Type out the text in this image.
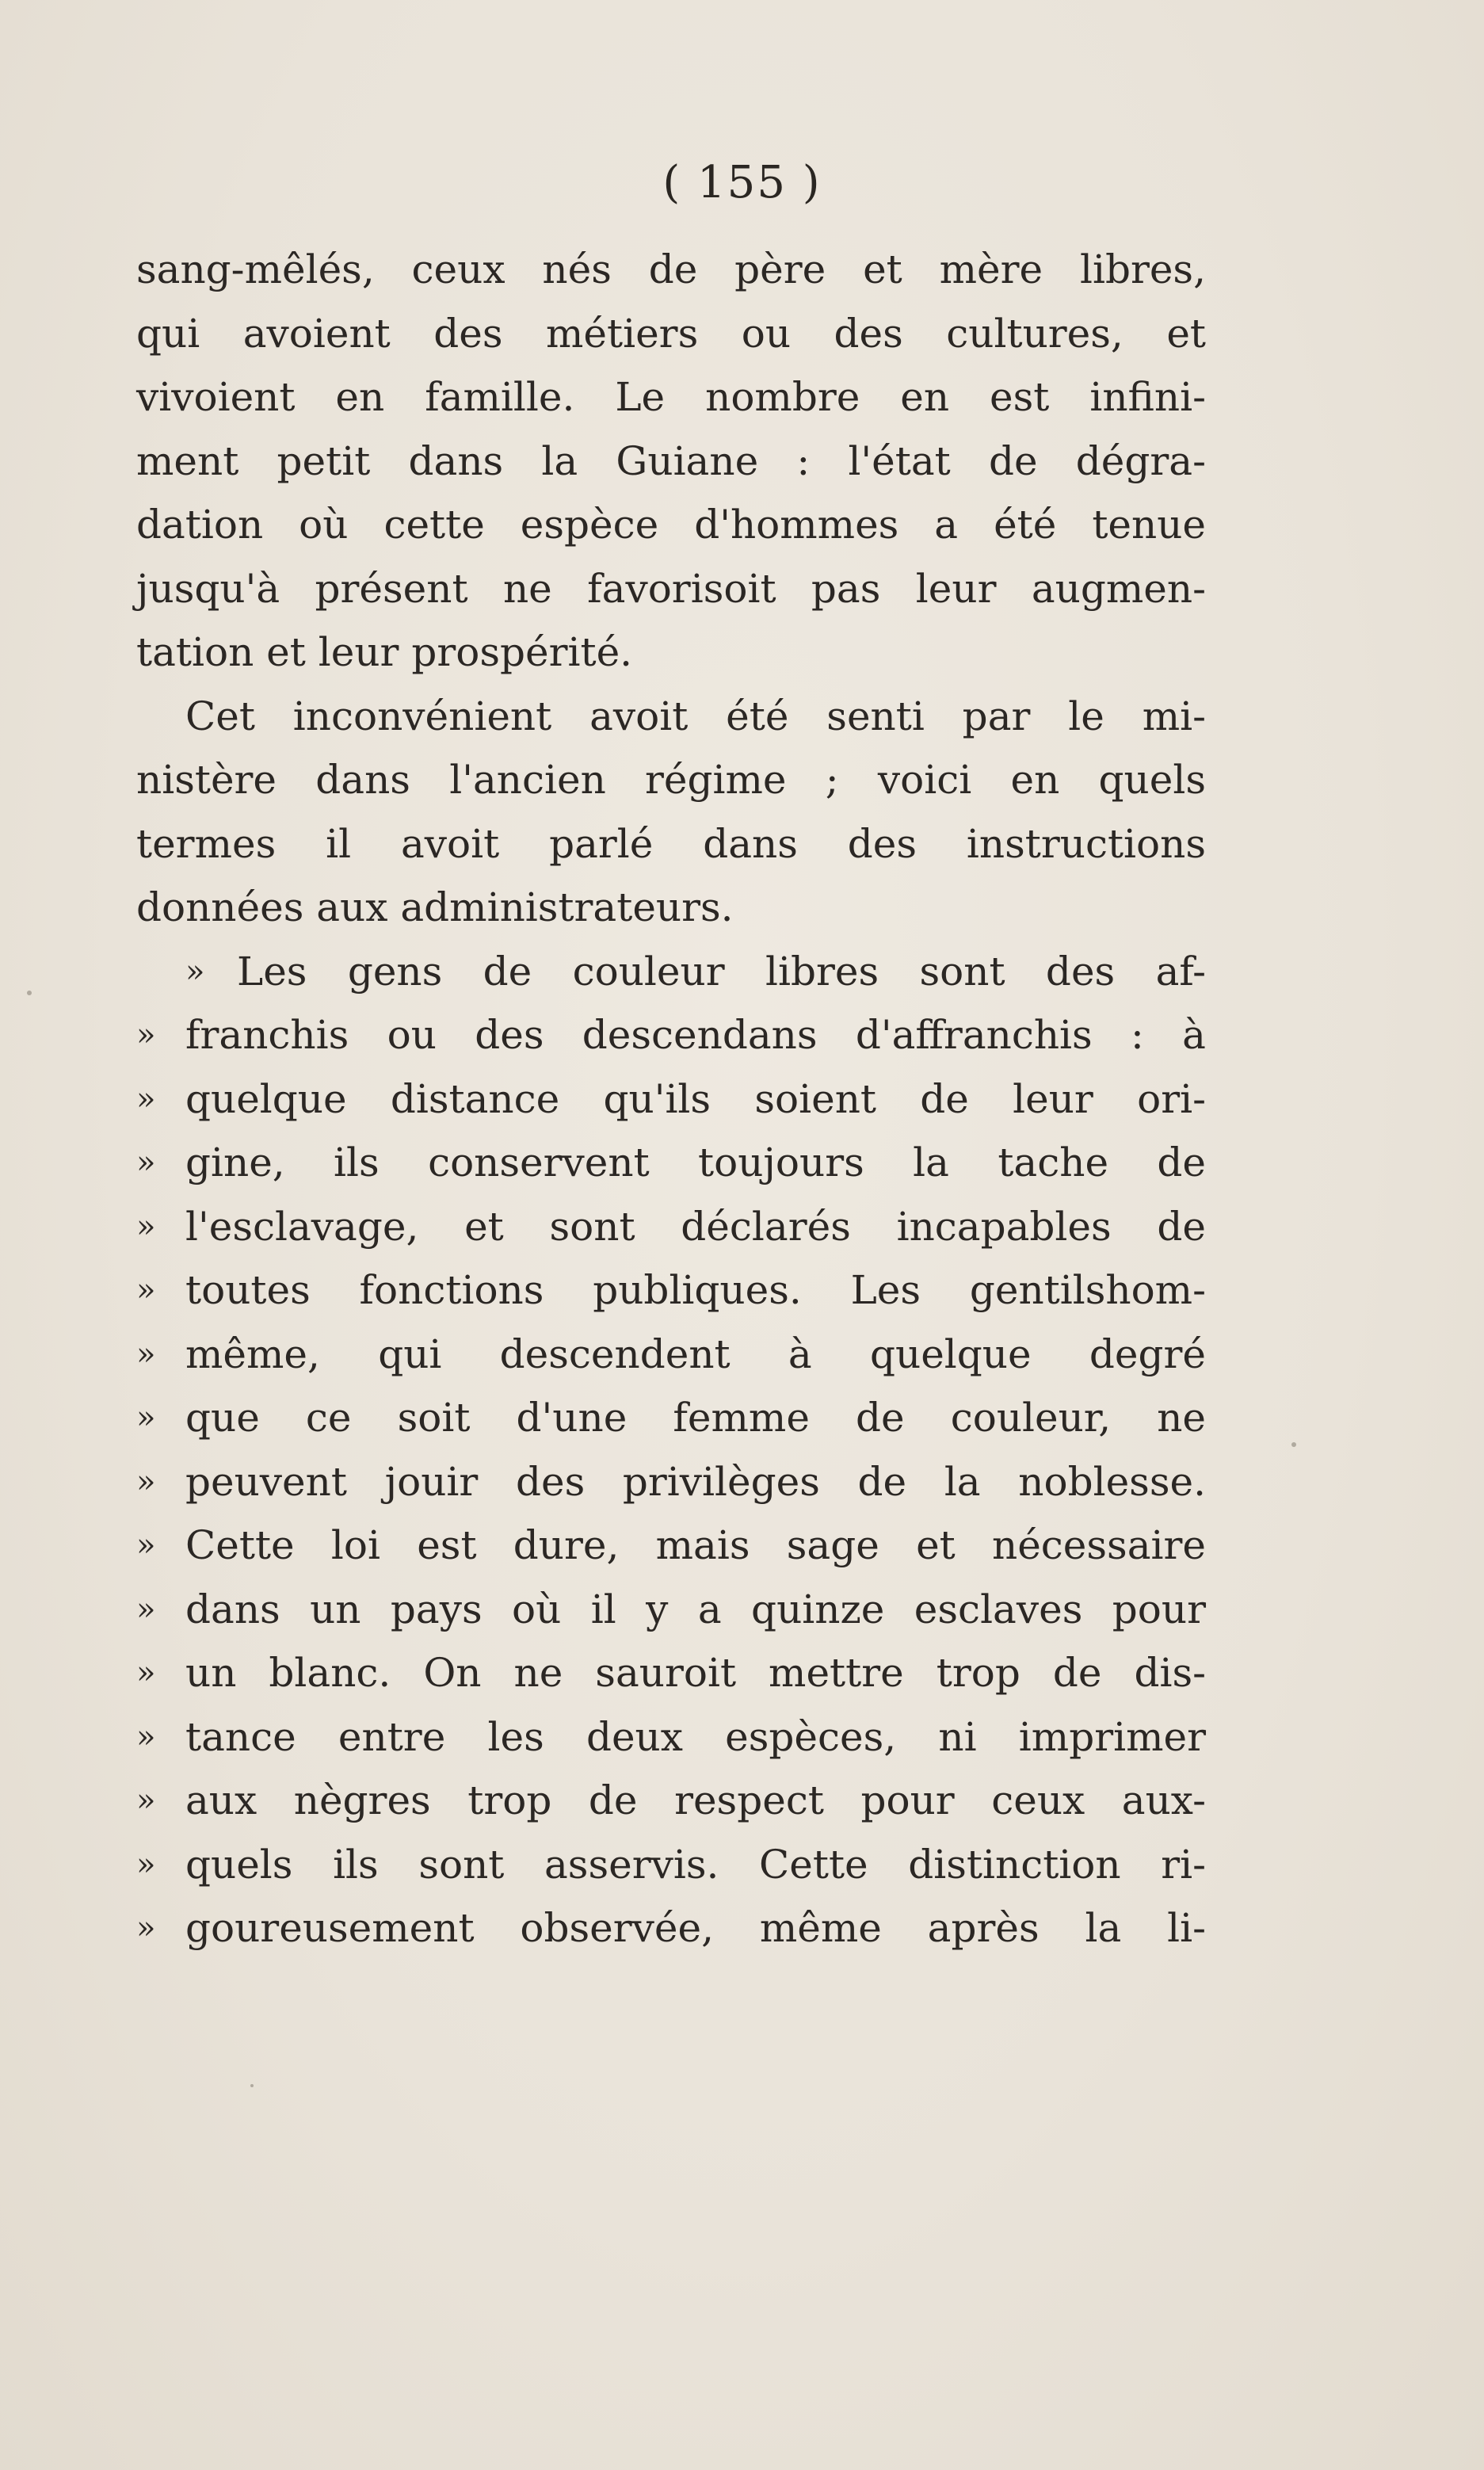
( 155 )
sang-mêlés, ceux nés de père et mère libres,
qui avoient des métiers ou des cultures, et
vivoient en famille. Le nombre en est infini-
ment petit dans la Guiane : l'état de dégra-
dation où cette espèce d'hommes a été tenue
jusqu'à présent ne favorisoit pas leur augmen-
tation et leur prospérité.
Cet inconvénient avoit été senti par le mi-
nistère dans l'ancien régime ; voici en quels
termes il avoit parlé dans des instructions
données aux administrateurs.
» Les gens de couleur libres sont des af-
» franchis ou des descendans d'affranchis : à
» quelque distance qu'ils soient de leur ori-
» gine, ils conservent toujours la tache de
» l'esclavage, et sont déclarés incapables de
» toutes fonctions publiques. Les gentilshom-
» même, qui descendent à quelque degré
» que ce soit d'une femme de couleur, ne
» peuvent jouir des privilèges de la noblesse.
» Cette loi est dure, mais sage et nécessaire
» dans un pays où il y a quinze esclaves pour
» un blanc. On ne sauroit mettre trop de dis-
» tance entre les deux espèces, ni imprimer
» aux nègres trop de respect pour ceux aux-
» quels ils sont asservis. Cette distinction ri-
» goureusement observée, même après la li-
